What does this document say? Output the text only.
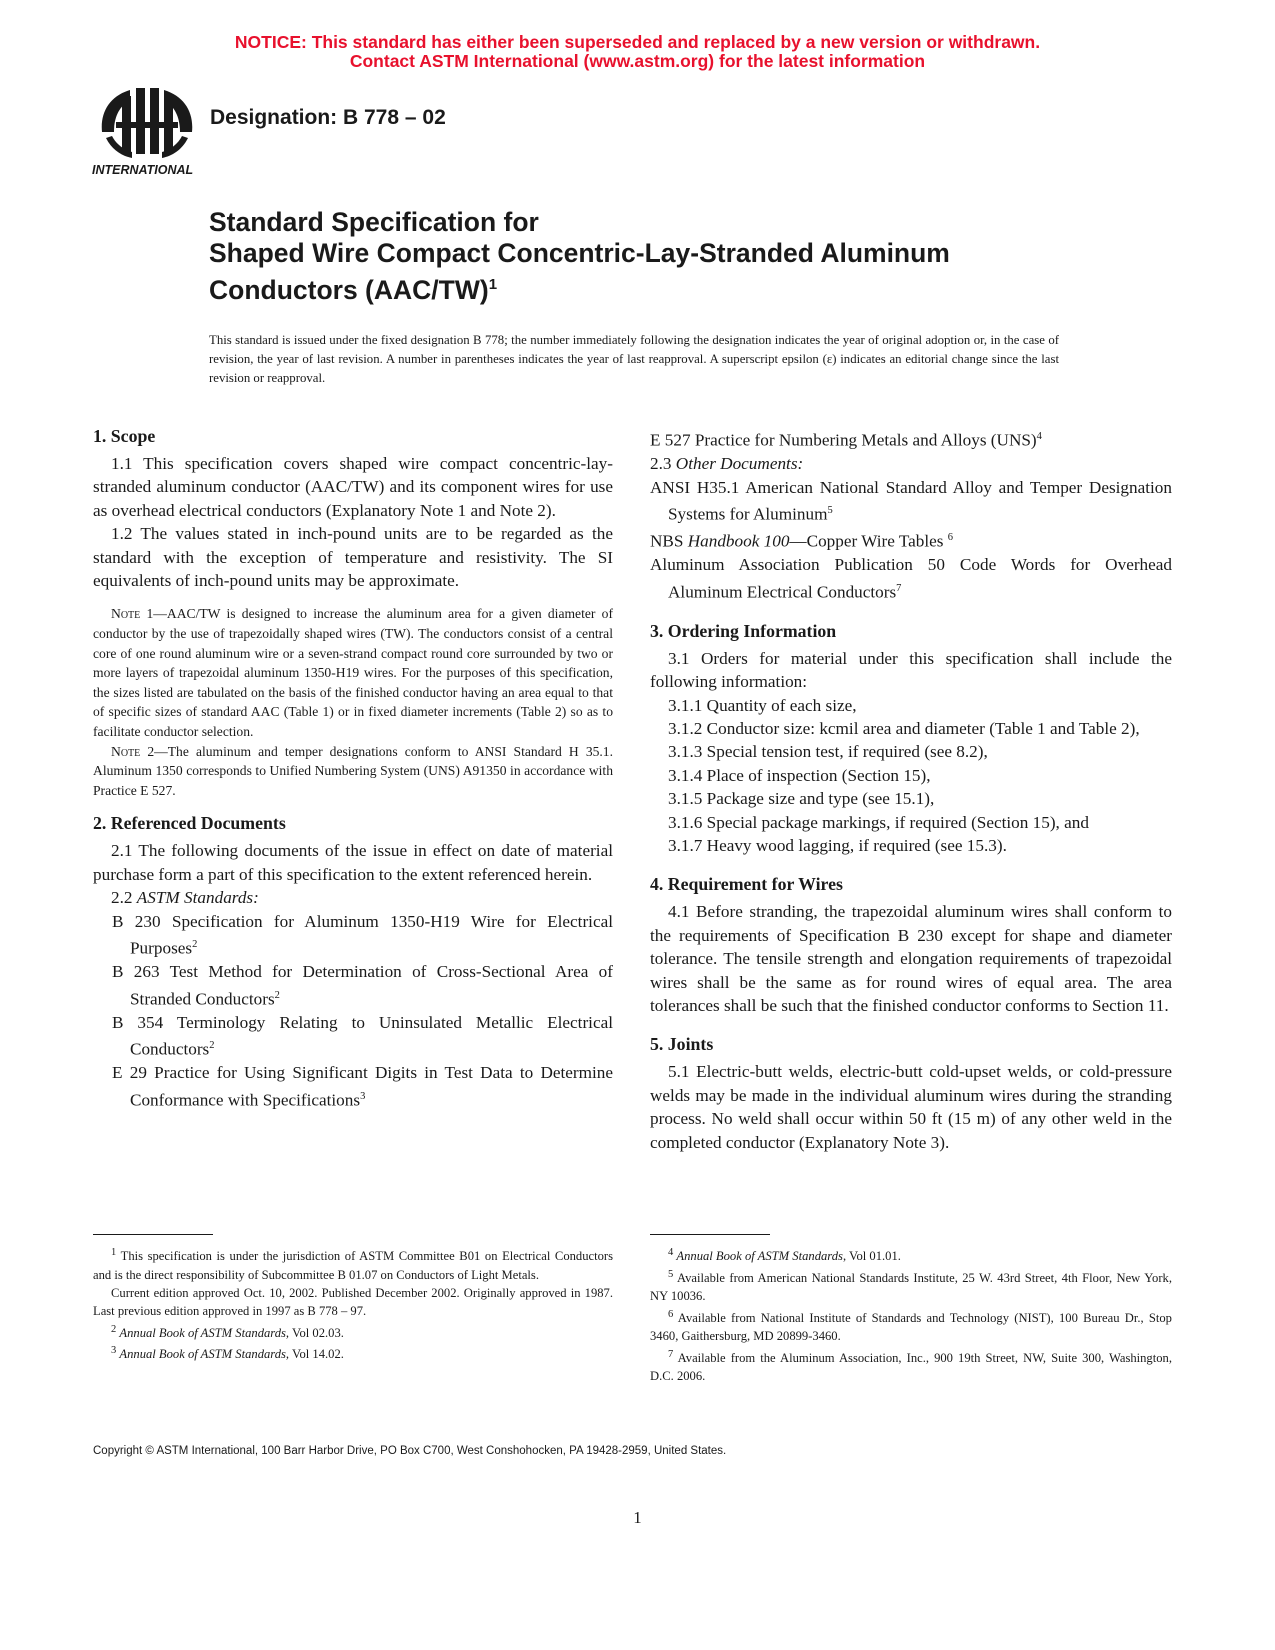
NOTICE: This standard has either been superseded and replaced by a new version or withdrawn.
Contact ASTM International (www.astm.org) for the latest information
INTERNATIONAL
Designation: B 778 – 02
Standard Specification for
Shaped Wire Compact Concentric-Lay-Stranded Aluminum
Conductors $(AAC/TW)^1$

This standard is issued under the fixed designation B 778; the number immediately following the designation indicates the year of original adoption or, in the case of revision, the year of last revision. A number in parentheses indicates the year of last reapproval. A superscript epsilon (ε) indicates an editorial change since the last revision or reapproval.

1. Scope

1.1 This specification covers shaped wire compact concentric-lay-stranded aluminum conductor (AAC/TW) and its component wires for use as overhead electrical conductors (Explanatory Note 1 and Note 2).

1.2 The values stated in inch-pound units are to be regarded as the standard with the exception of temperature and resistivity. The SI equivalents of inch-pound units may be approximate.

Note 1—AAC/TW is designed to increase the aluminum area for a given diameter of conductor by the use of trapezoidally shaped wires (TW). The conductors consist of a central core of one round aluminum wire or a seven-strand compact round core surrounded by two or more layers of trapezoidal aluminum 1350-H19 wires. For the purposes of this specification, the sizes listed are tabulated on the basis of the finished conductor having an area equal to that of specific sizes of standard AAC (Table 1) or in fixed diameter increments (Table 2) so as to facilitate conductor selection.

Note 2—The aluminum and temper designations conform to ANSI Standard H 35.1. Aluminum 1350 corresponds to Unified Numbering System (UNS) A91350 in accordance with Practice E 527.

2. Referenced Documents

2.1 The following documents of the issue in effect on date of material purchase form a part of this specification to the extent referenced herein.

2.2 ASTM Standards:

B 230 Specification for Aluminum 1350-H19 Wire for Electrical Purposes$^2$

B 263 Test Method for Determination of Cross-Sectional Area of Stranded Conductors$^2$

B 354 Terminology Relating to Uninsulated Metallic Electrical Conductors$^2$

E 29 Practice for Using Significant Digits in Test Data to Determine Conformance with Specifications$^3$

E 527 Practice for Numbering Metals and Alloys (UNS)$^4$

2.3 Other Documents:

ANSI H35.1 American National Standard Alloy and Temper Designation Systems for Aluminum$^5$

NBS Handbook 100—Copper Wire Tables $^6$

Aluminum Association Publication 50 Code Words for Overhead Aluminum Electrical Conductors$^7$

3. Ordering Information

3.1 Orders for material under this specification shall include the following information:

3.1.1 Quantity of each size,

3.1.2 Conductor size: kcmil area and diameter (Table 1 and Table 2),

3.1.3 Special tension test, if required (see 8.2),

3.1.4 Place of inspection (Section 15),

3.1.5 Package size and type (see 15.1),

3.1.6 Special package markings, if required (Section 15), and

3.1.7 Heavy wood lagging, if required (see 15.3).

4. Requirement for Wires

4.1 Before stranding, the trapezoidal aluminum wires shall conform to the requirements of Specification B 230 except for shape and diameter tolerance. The tensile strength and elongation requirements of trapezoidal wires shall be the same as for round wires of equal area. The area tolerances shall be such that the finished conductor conforms to Section 11.

5. Joints

5.1 Electric-butt welds, electric-butt cold-upset welds, or cold-pressure welds may be made in the individual aluminum wires during the stranding process. No weld shall occur within 50 ft (15 m) of any other weld in the completed conductor (Explanatory Note 3).

$^1$ This specification is under the jurisdiction of ASTM Committee B01 on Electrical Conductors and is the direct responsibility of Subcommittee B 01.07 on Conductors of Light Metals.

Current edition approved Oct. 10, 2002. Published December 2002. Originally approved in 1987. Last previous edition approved in 1997 as B 778 – 97.

$^2$ Annual Book of ASTM Standards, Vol 02.03.

$^3$ Annual Book of ASTM Standards, Vol 14.02.

$^4$ Annual Book of ASTM Standards, Vol 01.01.

$^5$ Available from American National Standards Institute, 25 W. 43rd Street, 4th Floor, New York, NY 10036.

$^6$ Available from National Institute of Standards and Technology (NIST), 100 Bureau Dr., Stop 3460, Gaithersburg, MD 20899-3460.

$^7$ Available from the Aluminum Association, Inc., 900 19th Street, NW, Suite 300, Washington, D.C. 2006.

Copyright © ASTM International, 100 Barr Harbor Drive, PO Box C700, West Conshohocken, PA 19428-2959, United States.
1
